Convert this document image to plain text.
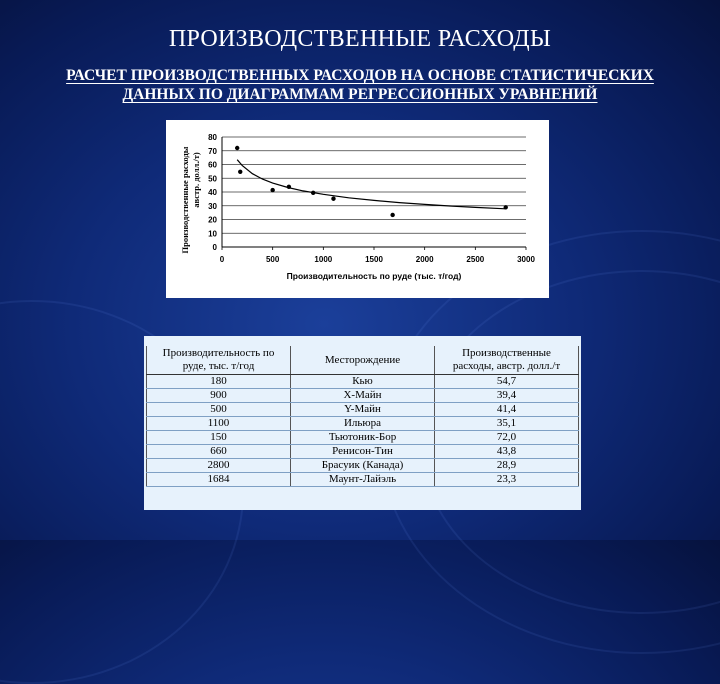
ПРОИЗВОДСТВЕННЫЕ РАСХОДЫ
РАСЧЕТ ПРОИЗВОДСТВЕННЫХ РАСХОДОВ НА ОСНОВЕ СТАТИСТИЧЕСКИХ
ДАННЫХ ПО ДИАГРАММАМ РЕГРЕССИОННЫХ УРАВНЕНИЙ
0
10
20
30
40
50
60
70
80
0	500	1000	1500	2000	2500	3000
Производительность по руде (тыс. т/год)
Производственные расходы австр. долл./т)
Производительность по
руде, тыс. т/год	Месторождение	Производственные
расходы, австр. долл./т
180	Кью	54,7
900	X-Майн	39,4
500	Y-Майн	41,4
1100	Ильюра	35,1
150	Тьютоник-Бор	72,0
660	Ренисон-Тин	43,8
2800	Брасуик (Канада)	28,9
1684	Маунт-Лайэль	23,3
